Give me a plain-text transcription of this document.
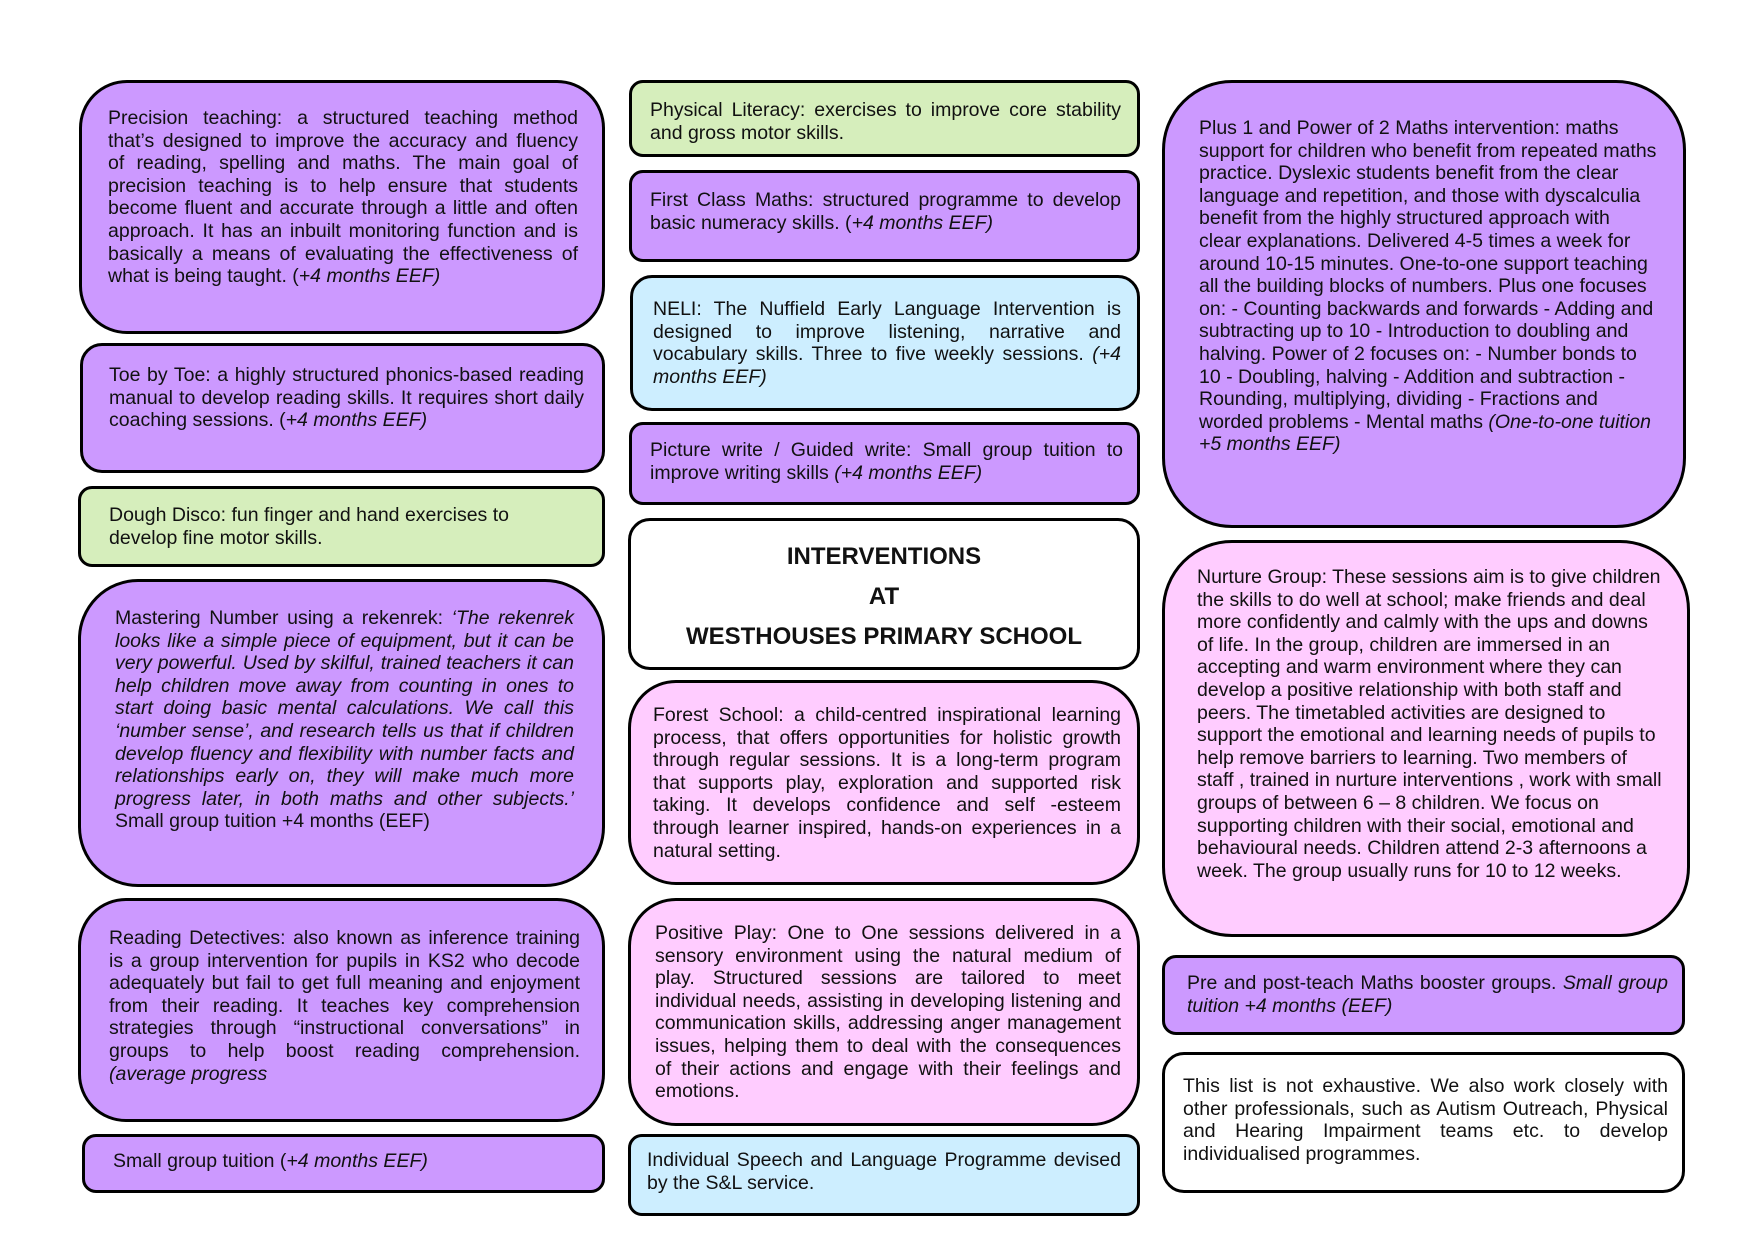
Precision teaching: a structured teaching method that’s designed to improve the accuracy and fluency of reading, spelling and maths. The main goal of precision teaching is to help ensure that students become fluent and accurate through a little and often approach. It has an inbuilt monitoring function and is basically a means of evaluating the effectiveness of what is being taught. (+4 months EEF)
Toe by Toe: a highly structured phonics-based reading manual to develop reading skills. It requires short daily coaching sessions. (+4 months EEF)
Dough Disco: fun finger and hand exercises to develop fine motor skills.
Mastering Number using a rekenrek: ‘The rekenrek looks like a simple piece of equipment, but it can be very powerful. Used by skilful, trained teachers it can help children move away from counting in ones to start doing basic mental calculations. We call this ‘number sense’, and research tells us that if children develop fluency and flexibility with number facts and relationships early on, they will make much more progress later, in both maths and other subjects.’ Small group tuition +4 months (EEF)
Reading Detectives: also known as inference training is a group intervention for pupils in KS2 who decode adequately but fail to get full meaning and enjoyment from their reading. It teaches key comprehension strategies through “instructional conversations” in groups to help boost reading comprehension. (average progress
Small group tuition (+4 months EEF)
Physical Literacy: exercises to improve core stability and gross motor skills.
First Class Maths: structured programme to develop basic numeracy skills. (+4 months EEF)
NELI: The Nuffield Early Language Intervention is designed to improve listening, narrative and vocabulary skills. Three to five weekly sessions. (+4 months EEF)
Picture write / Guided write: Small group tuition to improve writing skills (+4 months EEF)
INTERVENTIONS
AT
WESTHOUSES PRIMARY SCHOOL
Forest School: a child-centred inspirational learning process, that offers opportunities for holistic growth through regular sessions. It is a long-term program that supports play, exploration and supported risk taking. It develops confidence and self -esteem through learner inspired, hands-on experiences in a natural setting.
Positive Play: One to One sessions delivered in a sensory environment using the natural medium of play. Structured sessions are tailored to meet individual needs, assisting in developing listening and communication skills, addressing anger management issues, helping them to deal with the consequences of their actions and engage with their feelings and emotions.
Individual Speech and Language Programme devised by the S&L service.
Plus 1 and Power of 2 Maths intervention: maths support for children who benefit from repeated maths practice. Dyslexic students benefit from the clear language and repetition, and those with dyscalculia benefit from the highly structured approach with clear explanations. Delivered 4-5 times a week for around 10-15 minutes. One-to-one support teaching all the building blocks of numbers. Plus one focuses on: - Counting backwards and forwards - Adding and subtracting up to 10 - Introduction to doubling and halving. Power of 2 focuses on: - Number bonds to 10 - Doubling, halving - Addition and subtraction - Rounding, multiplying, dividing - Fractions and worded problems - Mental maths (One-to-one tuition +5 months EEF)
Nurture Group: These sessions aim is to give children the skills to do well at school; make friends and deal more confidently and calmly with the ups and downs of life. In the group, children are immersed in an accepting and warm environment where they can develop a positive relationship with both staff and peers. The timetabled activities are designed to support the emotional and learning needs of pupils to help remove barriers to learning. Two members of staff , trained in nurture interventions , work with small groups of between 6 – 8 children. We focus on supporting children with their social, emotional and behavioural needs. Children attend 2-3 afternoons a week. The group usually runs for 10 to 12 weeks.
Pre and post-teach Maths booster groups. Small group tuition +4 months (EEF)
This list is not exhaustive. We also work closely with other professionals, such as Autism Outreach, Physical and Hearing Impairment teams etc. to develop individualised programmes.
